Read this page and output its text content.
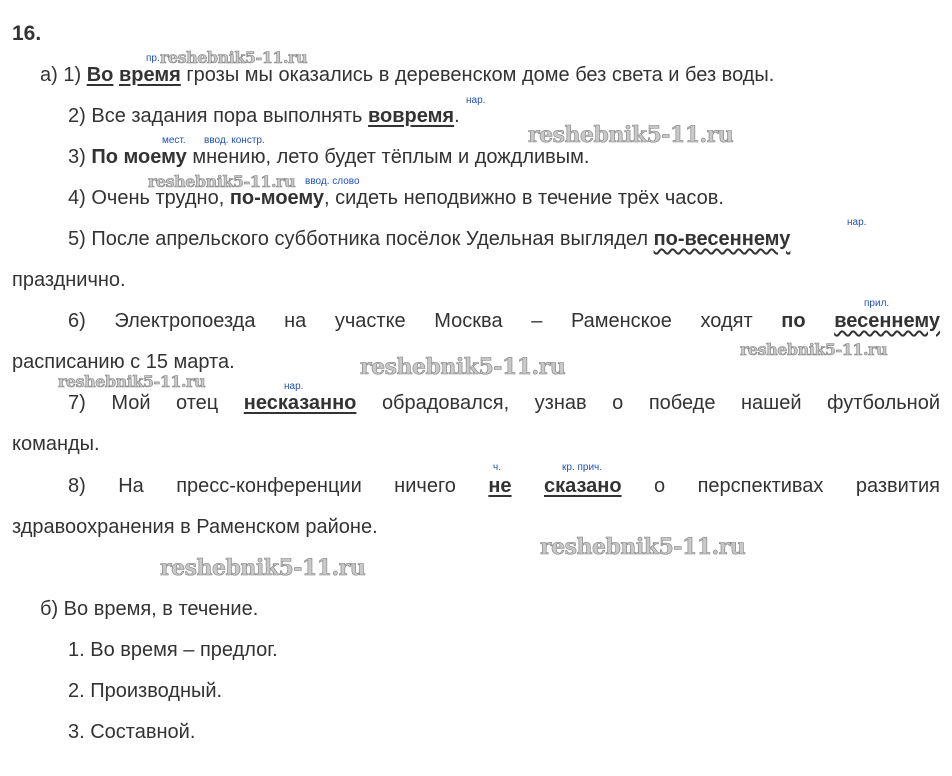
16.
reshebnik5-11.ru
reshebnik5-11.ru
reshebnik5-11.ru
reshebnik5-11.ru
reshebnik5-11.ru
reshebnik5-11.ru
reshebnik5-11.ru
reshebnik5-11.ru
пр.
нар.
мест. ввод. констр.
ввод. слово
нар.
прил.
нар.
ч.	кр. прич.
а) 1) Во время грозы мы оказались в деревенском доме без света и без воды.
2) Все задания пора выполнять вовремя.
3) По моему мнению, лето будет тёплым и дождливым.
4) Очень трудно, по-моему, сидеть неподвижно в течение трёх часов.
5) После апрельского субботника посёлок Удельная выглядел по-весеннему
празднично.
6) Электропоезда на участке Москва – Раменское ходят по весеннему
расписанию с 15 марта.
7) Мой отец несказанно обрадовался, узнав о победе нашей футбольной
команды.
8) На пресс-конференции ничего не сказано о перспективах развития
здравоохранения в Раменском районе.
б) Во время, в течение.
1. Во время – предлог.
2. Производный.
3. Составной.
